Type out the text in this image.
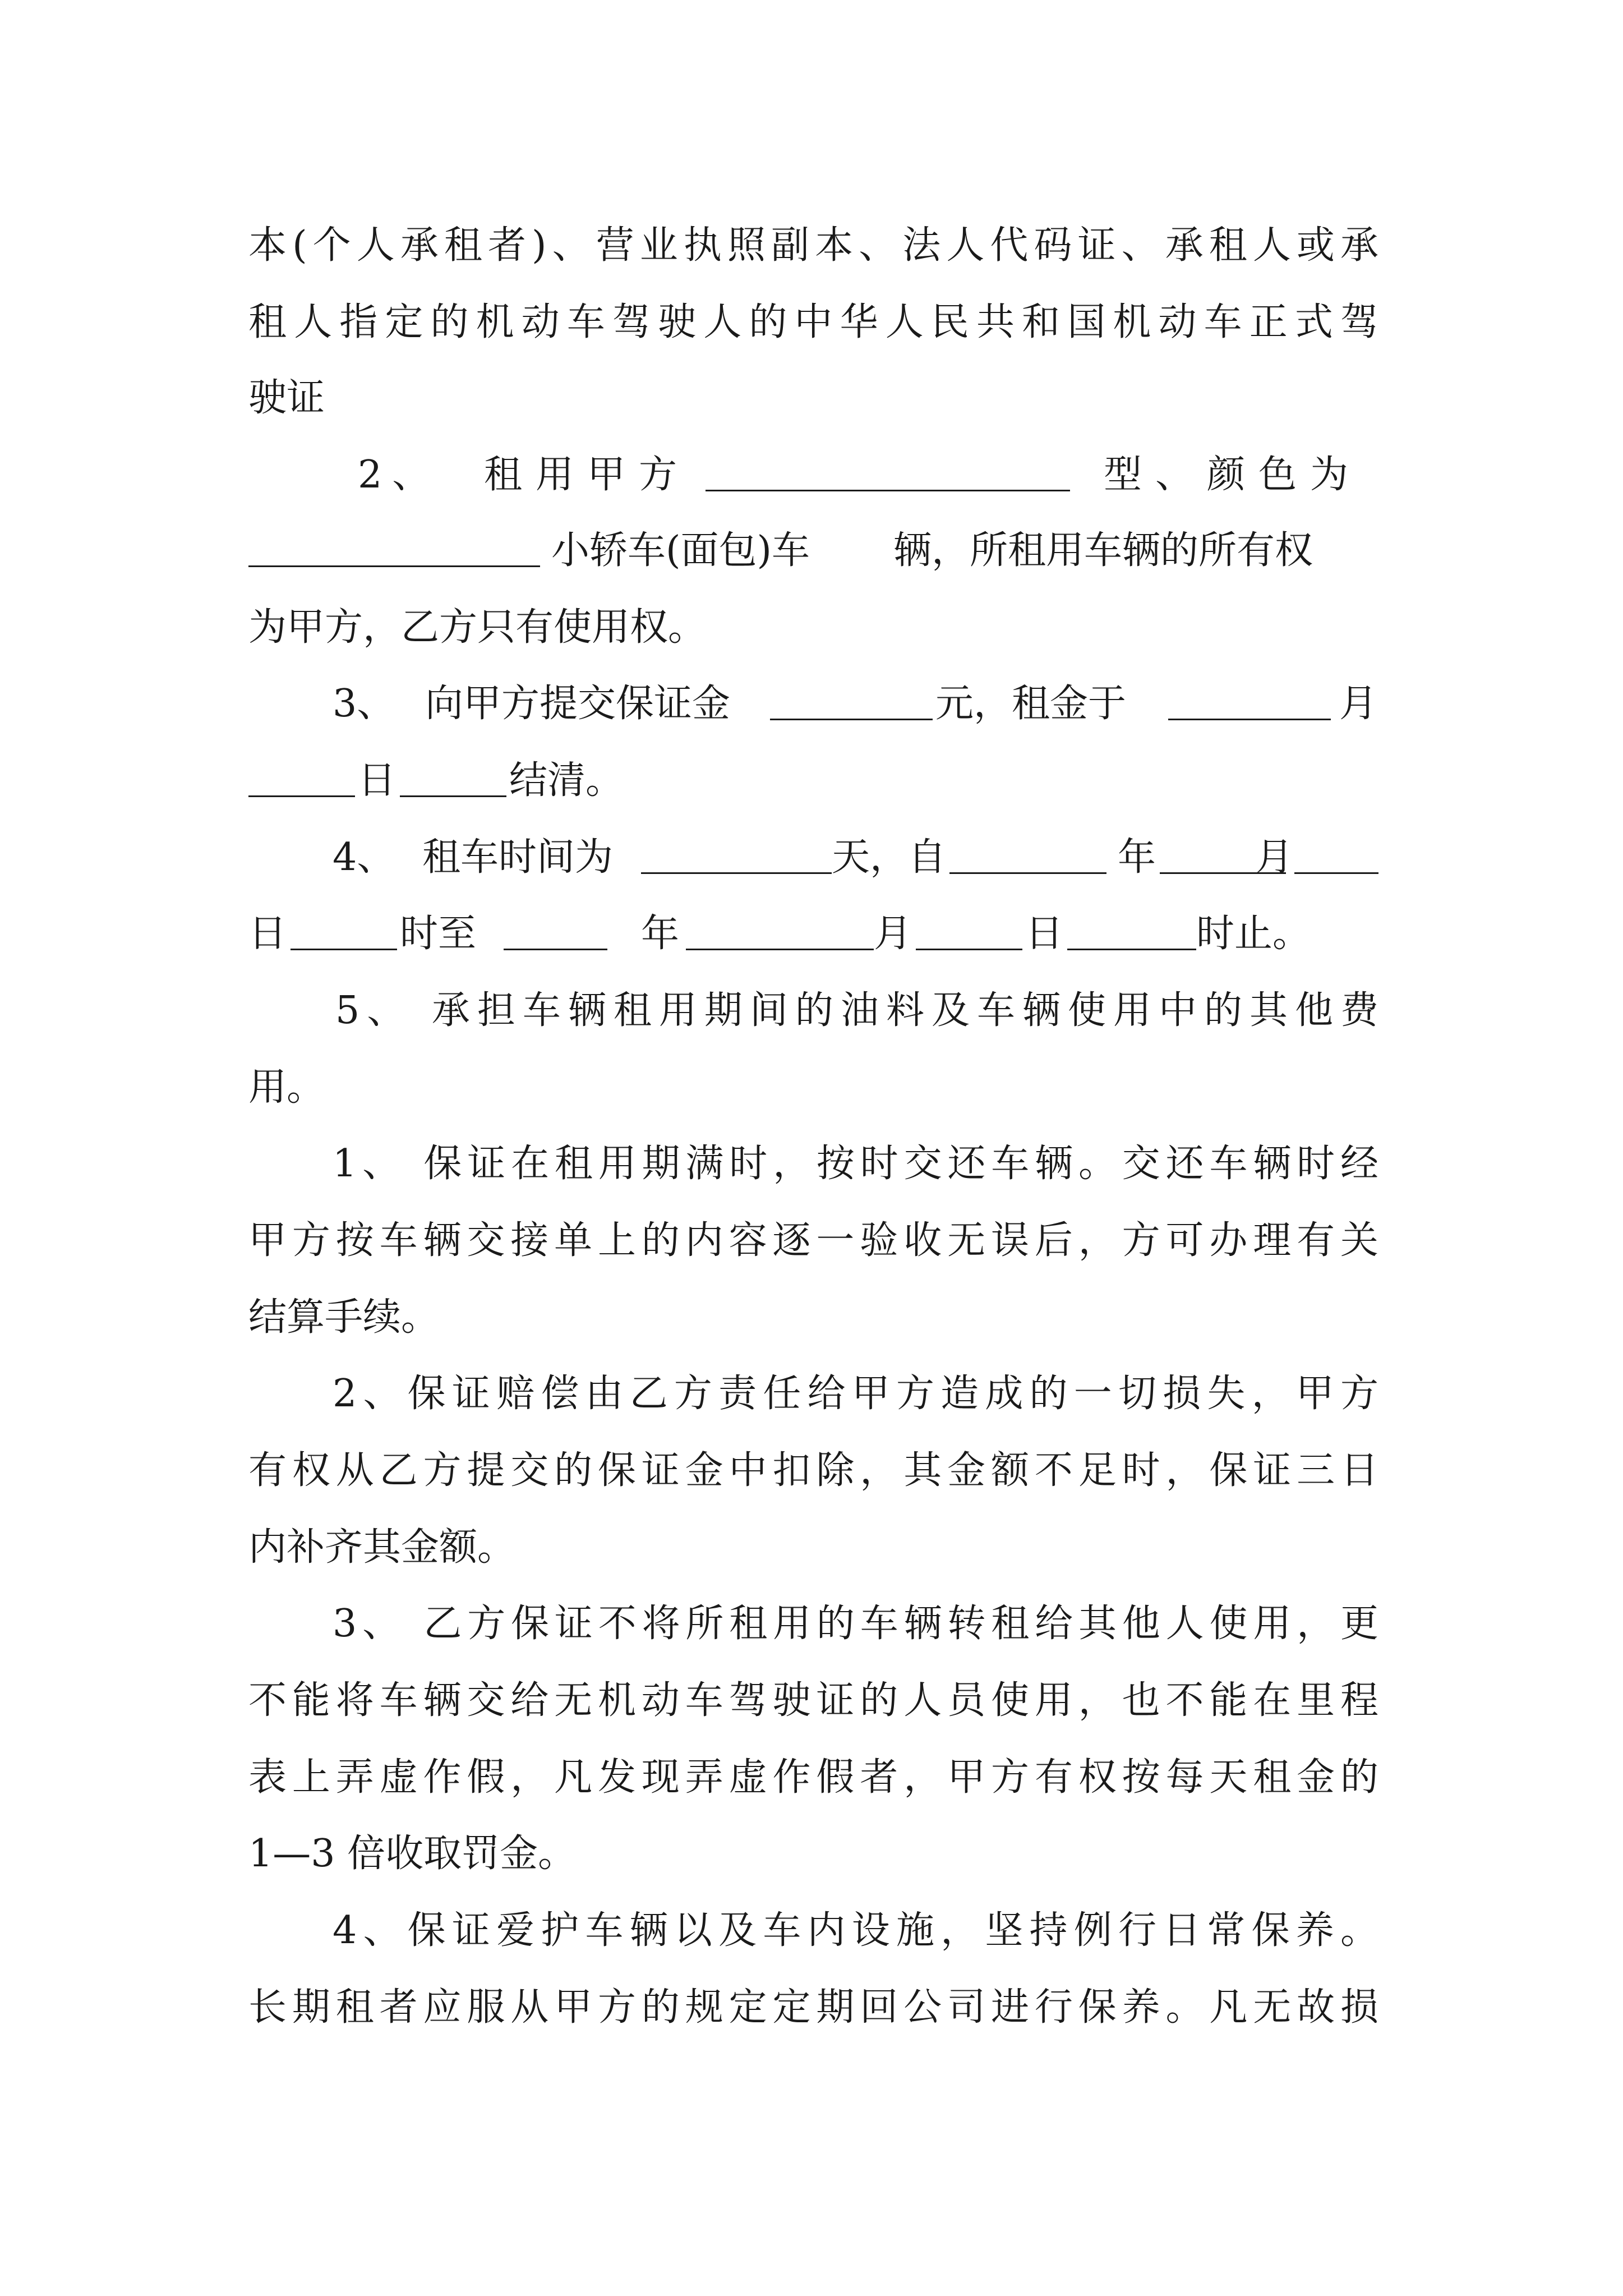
本(个人承租者)、营业执照副本、法人代码证、承租人或承
租人指定的机动车驾驶人的中华人民共和国机动车正式驾
驶证
2、 租用甲方	型、颜色为
小轿车(面包)车 辆，所租用车辆的所有权
为甲方，乙方只有使用权。
3、 向甲方提交保证金	元，租金于	月
日	结清。
4、 租车时间为	天，自	年	月
日	时至	年	月	日	时止。
5、 承担车辆租用期间的油料及车辆使用中的其他费
用。
1、 保证在租用期满时，按时交还车辆。交还车辆时经
甲方按车辆交接单上的内容逐一验收无误后，方可办理有关
结算手续。
2、保证赔偿由乙方责任给甲方造成的一切损失，甲方
有权从乙方提交的保证金中扣除，其金额不足时，保证三日
内补齐其金额。
3、 乙方保证不将所租用的车辆转租给其他人使用，更
不能将车辆交给无机动车驾驶证的人员使用，也不能在里程
表上弄虚作假，凡发现弄虚作假者，甲方有权按每天租金的
1—3 倍收取罚金。
4、保证爱护车辆以及车内设施，坚持例行日常保养。
长期租者应服从甲方的规定定期回公司进行保养。凡无故损
